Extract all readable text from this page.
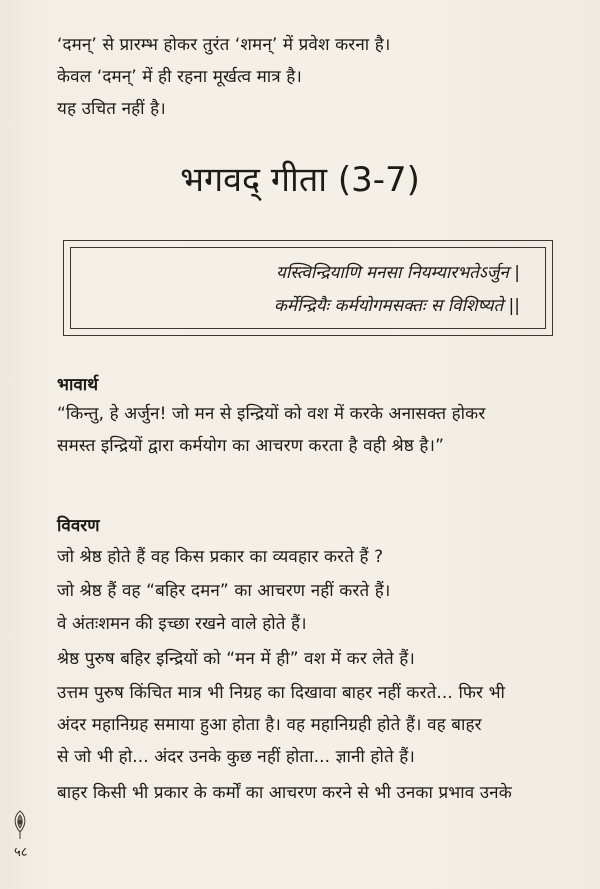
‘दमन्’ से प्रारम्भ होकर तुरंत ‘शमन्’ में प्रवेश करना है।
केवल ‘दमन्’ में ही रहना मूर्खत्व मात्र है।
यह उचित नहीं है।
भगवद् गीता (3-7)
यस्त्विन्द्रियाणि मनसा नियम्यारभतेऽर्जुन |
कर्मेन्द्रियैः कर्मयोगमसक्तः स विशिष्यते ||
भावार्थ
“किन्तु, हे अर्जुन! जो मन से इन्द्रियों को वश में करके अनासक्त होकर
समस्त इन्द्रियों द्वारा कर्मयोग का आचरण करता है वही श्रेष्ठ है।”
विवरण
जो श्रेष्ठ होते हैं वह किस प्रकार का व्यवहार करते हैं ?
जो श्रेष्ठ हैं वह “बहिर दमन” का आचरण नहीं करते हैं।
वे अंतःशमन की इच्छा रखने वाले होते हैं।
श्रेष्ठ पुरुष बहिर इन्द्रियों को “मन में ही” वश में कर लेते हैं।
उत्तम पुरुष किंचित मात्र भी निग्रह का दिखावा बाहर नहीं करते... फिर भी
अंदर महानिग्रह समाया हुआ होता है। वह महानिग्रही होते हैं। वह बाहर
से जो भी हो... अंदर उनके कुछ नहीं होता... ज्ञानी होते हैं।
बाहर किसी भी प्रकार के कर्मों का आचरण करने से भी उनका प्रभाव उनके
५८
